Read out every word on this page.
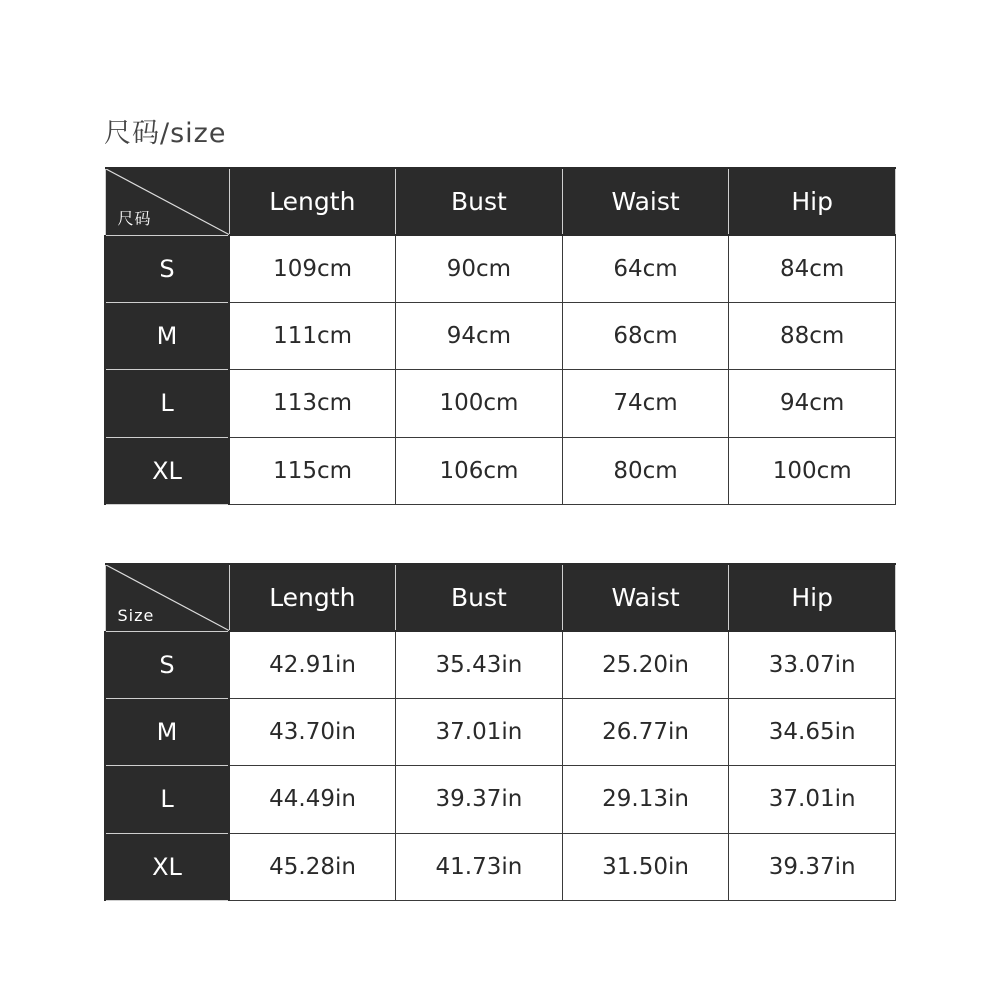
尺码/size
尺码	Length	Bust	Waist	Hip
S	109cm	90cm	64cm	84cm
M	111cm	94cm	68cm	88cm
L	113cm	100cm	74cm	94cm
XL	115cm	106cm	80cm	100cm
Size	Length	Bust	Waist	Hip
S	42.91in	35.43in	25.20in	33.07in
M	43.70in	37.01in	26.77in	34.65in
L	44.49in	39.37in	29.13in	37.01in
XL	45.28in	41.73in	31.50in	39.37in
